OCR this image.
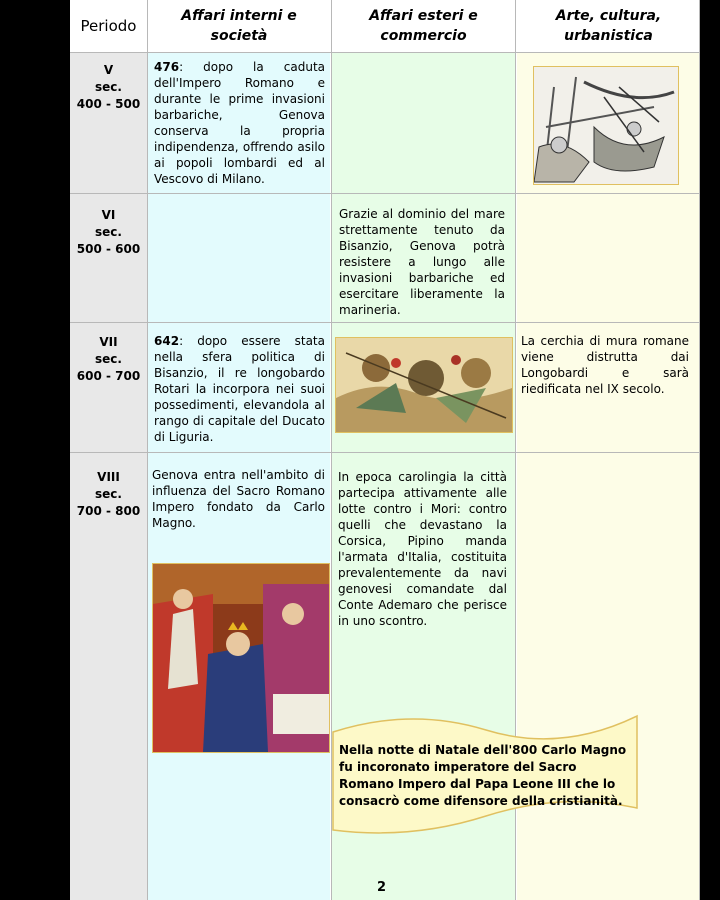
Periodo
Affari interni e società
Affari esteri e commercio
Arte, cultura, urbanistica
V
sec.
400 - 500
476: dopo la caduta dell'Impero Romano e durante le prime invasioni barbariche, Genova conserva la propria indipendenza, offrendo asilo ai popoli lombardi ed al Vescovo di Milano.
VI
sec.
500 - 600
Grazie al dominio del mare strettamente tenuto da Bisanzio, Genova potrà resistere a lungo alle invasioni barbariche ed esercitare liberamente la marineria.
VII
sec.
600 - 700
642: dopo essere stata nella sfera politica di Bisanzio, il re longobardo Rotari la incorpora nei suoi possedimenti, elevandola al rango di capitale del Ducato di Liguria.
La cerchia di mura romane viene distrutta dai Longobardi e sarà riedificata nel IX secolo.
VIII
sec.
700 - 800
Genova entra nell'ambito di influenza del Sacro Romano Impero fondato da Carlo Magno.
In epoca carolingia la città partecipa attivamente alle lotte contro i Mori: contro quelli che devastano la Corsica, Pipino manda l'armata d'Italia, costituita prevalentemente da navi genovesi comandate dal Conte Ademaro che perisce in uno scontro.
Nella notte di Natale dell'800 Carlo Magno fu incoronato imperatore del Sacro Romano Impero dal Papa Leone III che lo consacrò come difensore della cristianità.
2
